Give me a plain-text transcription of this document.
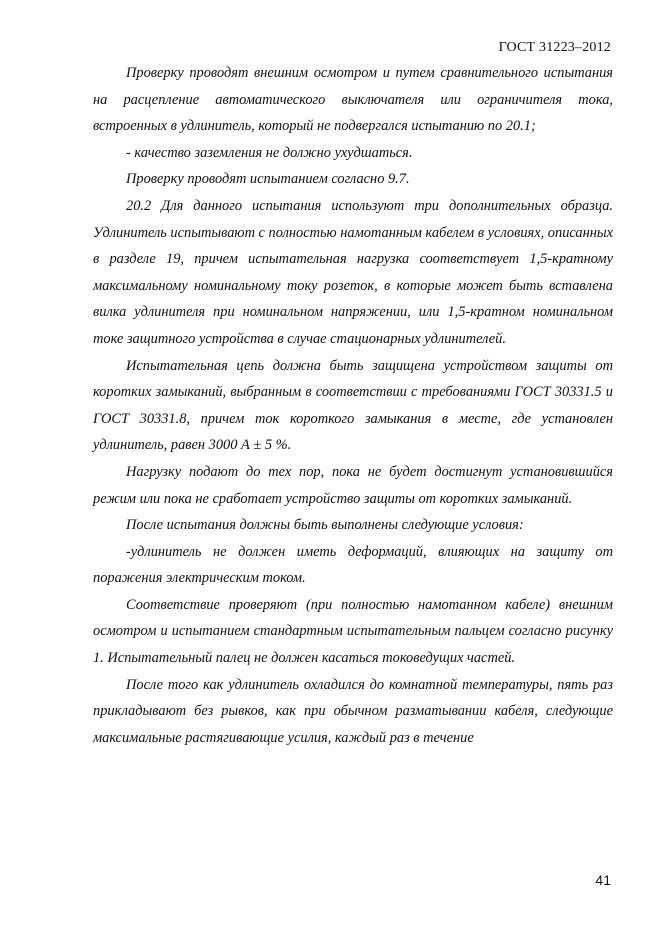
ГОСТ 31223–2012

Проверку проводят внешним осмотром и путем сравнительного испытания на расцепление автоматического выключателя или ограничителя тока, встроенных в удлинитель, который не подвергался испытанию по 20.1;

- качество заземления не должно ухудшаться.

Проверку проводят испытанием согласно 9.7.

20.2 Для данного испытания используют три дополнительных образца. Удлинитель испытывают с полностью намотанным кабелем в условиях, описанных в разделе 19, причем испытательная нагрузка соответствует 1,5-кратному максимальному номинальному току розеток, в которые может быть вставлена вилка удлинителя при номинальном напряжении, или 1,5-кратном номинальном токе защитного устройства в случае стационарных удлинителей.

Испытательная цепь должна быть защищена устройством защиты от коротких замыканий, выбранным в соответствии с требованиями ГОСТ 30331.5 и ГОСТ 30331.8, причем ток короткого замыкания в месте, где установлен удлинитель, равен 3000 А ± 5 %.

Нагрузку подают до тех пор, пока не будет достигнут установившийся режим или пока не сработает устройство защиты от коротких замыканий.

После испытания должны быть выполнены следующие условия:

-удлинитель не должен иметь деформаций, влияющих на защиту от поражения электрическим током.

Соответствие проверяют (при полностью намотанном кабеле) внешним осмотром и испытанием стандартным испытательным пальцем согласно рисунку 1. Испытательный палец не должен касаться токоведущих частей.

После того как удлинитель охладился до комнатной температуры, пять раз прикладывают без рывков, как при обычном разматывании кабеля, следующие максимальные растягивающие усилия, каждый раз в течение

41
